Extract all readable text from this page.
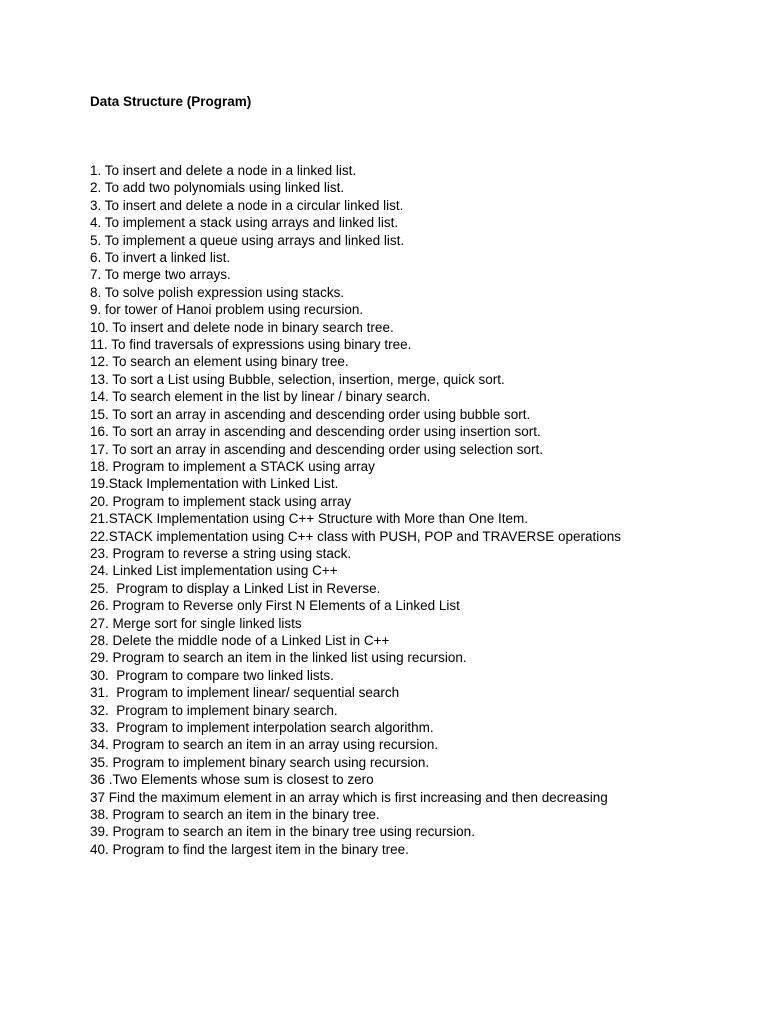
Data Structure (Program)
1. To insert and delete a node in a linked list.
2. To add two polynomials using linked list.
3. To insert and delete a node in a circular linked list.
4. To implement a stack using arrays and linked list.
5. To implement a queue using arrays and linked list.
6. To invert a linked list.
7. To merge two arrays.
8. To solve polish expression using stacks.
9. for tower of Hanoi problem using recursion.
10. To insert and delete node in binary search tree.
11. To find traversals of expressions using binary tree.
12. To search an element using binary tree.
13. To sort a List using Bubble, selection, insertion, merge, quick sort.
14. To search element in the list by linear / binary search.
15. To sort an array in ascending and descending order using bubble sort.
16. To sort an array in ascending and descending order using insertion sort.
17. To sort an array in ascending and descending order using selection sort.
18. Program to implement a STACK using array
19.Stack Implementation with Linked List.
20. Program to implement stack using array
21.STACK Implementation using C++ Structure with More than One Item.
22.STACK implementation using C++ class with PUSH, POP and TRAVERSE operations
23. Program to reverse a string using stack.
24. Linked List implementation using C++
25.  Program to display a Linked List in Reverse.
26. Program to Reverse only First N Elements of a Linked List
27. Merge sort for single linked lists
28. Delete the middle node of a Linked List in C++
29. Program to search an item in the linked list using recursion.
30.  Program to compare two linked lists.
31.  Program to implement linear/ sequential search
32.  Program to implement binary search.
33.  Program to implement interpolation search algorithm.
34. Program to search an item in an array using recursion.
35. Program to implement binary search using recursion.
36 .Two Elements whose sum is closest to zero
37 Find the maximum element in an array which is first increasing and then decreasing
38. Program to search an item in the binary tree.
39. Program to search an item in the binary tree using recursion.
40. Program to find the largest item in the binary tree.
